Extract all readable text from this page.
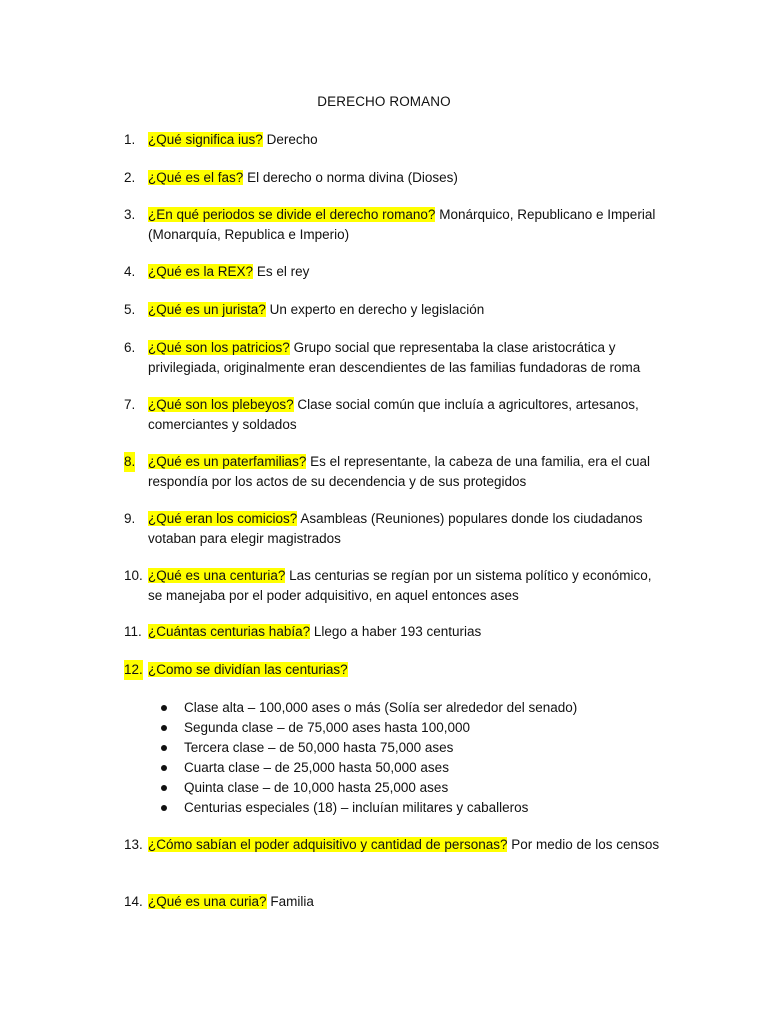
DERECHO ROMANO
1. ¿Qué significa ius? Derecho
2. ¿Qué es el fas? El derecho o norma divina (Dioses)
3. ¿En qué periodos se divide el derecho romano? Monárquico, Republicano e Imperial (Monarquía, Republica e Imperio)
4. ¿Qué es la REX? Es el rey
5. ¿Qué es un jurista? Un experto en derecho y legislación
6. ¿Qué son los patricios? Grupo social que representaba la clase aristocrática y privilegiada, originalmente eran descendientes de las familias fundadoras de roma
7. ¿Qué son los plebeyos? Clase social común que incluía a agricultores, artesanos, comerciantes y soldados
8. ¿Qué es un paterfamilias? Es el representante, la cabeza de una familia, era el cual respondía por los actos de su decendencia y de sus protegidos
9. ¿Qué eran los comicios? Asambleas (Reuniones) populares donde los ciudadanos votaban para elegir magistrados
10. ¿Qué es una centuria? Las centurias se regían por un sistema político y económico, se manejaba por el poder adquisitivo, en aquel entonces ases
11. ¿Cuántas centurias había? Llego a haber 193 centurias
12. ¿Como se dividían las centurias?
Clase alta – 100,000 ases o más (Solía ser alrededor del senado)
Segunda clase – de 75,000 ases hasta 100,000
Tercera clase – de 50,000 hasta 75,000 ases
Cuarta clase – de 25,000 hasta 50,000 ases
Quinta clase – de 10,000 hasta 25,000 ases
Centurias especiales (18) – incluían militares y caballeros
13. ¿Cómo sabían el poder adquisitivo y cantidad de personas? Por medio de los censos
14. ¿Qué es una curia? Familia
